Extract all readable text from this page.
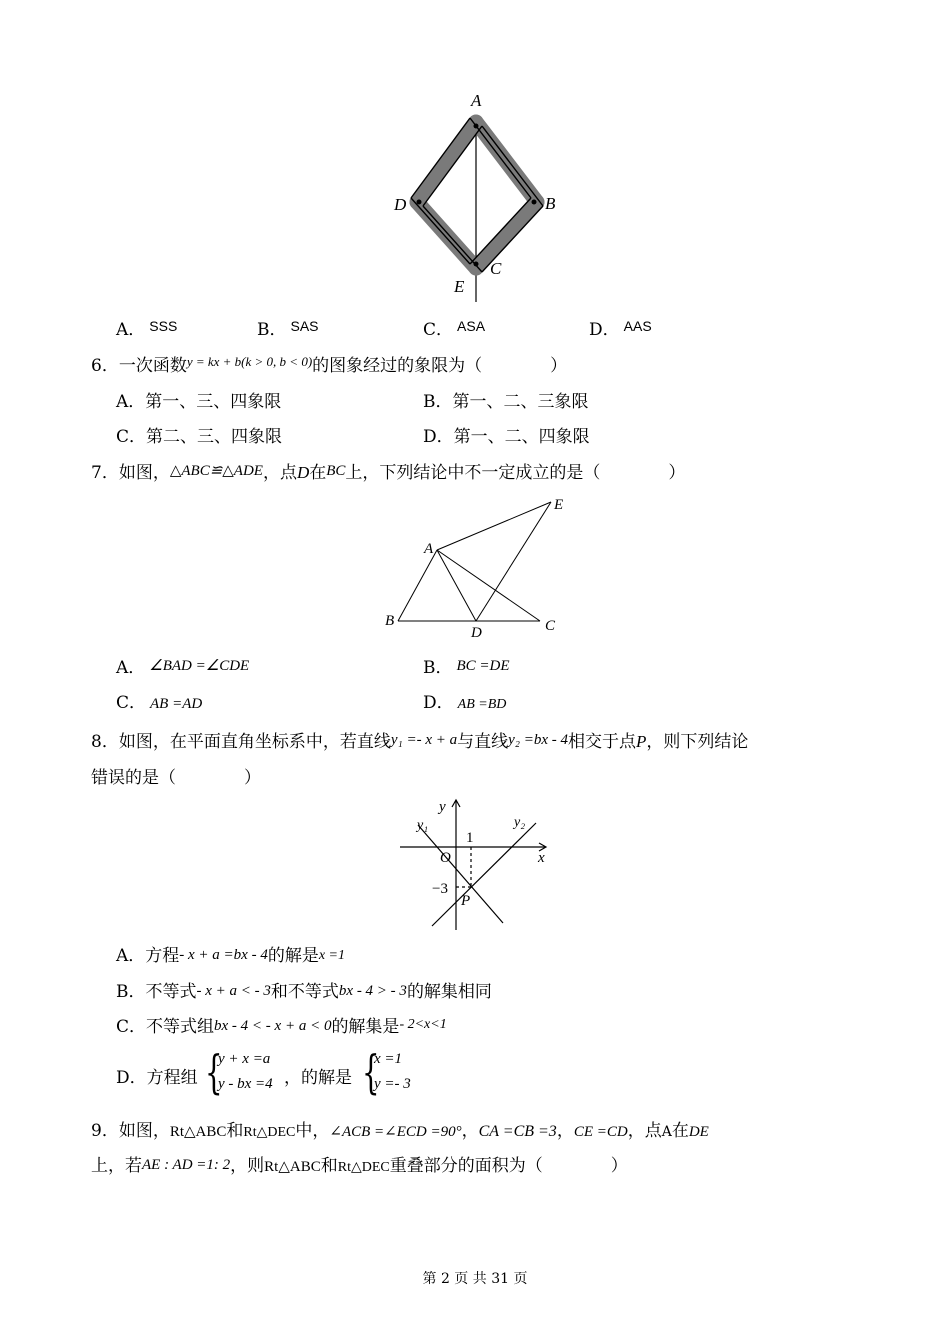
A
B
C
D
E
A． $^{SSS}$	B． $^{SAS}$	C． $^{ASA}$	D． $^{AAS}$
6．一次函数$^{y = kx + b(k > 0, b < 0)}$的图象经过的象限为（　　　　）
A．第一、三、四象限	B．第一、二、三象限
C．第二、三、四象限	D．第一、二、四象限
7．如图，△ABC≌△ADE，点D在BC上，下列结论中不一定成立的是（　　　　）
A
B	C
D
E
A． ∠BAD =∠CDE	B． BC =DE
C． AB =AD	D． AB =BD
8．如图，在平面直角坐标系中，若直线y₁ =- x + a与直线y₂ =bx - 4相交于点P，则下列结论
错误的是（　　　　）
y
x
O
1
−3
P
y₁	y₂
A．方程- x + a =bx - 4的解是x =1
B．不等式- x + a < - 3和不等式bx - 4 > - 3的解集相同
C．不等式组bx - 4 < - x + a < 0的解集是$^{- 2<x<1}$
D．方程组 {
y + x =a
y - bx =4 ，的解是 {
x =1
y =- 3
9．如图，Rt△ABC和Rt△DEC中，∠ACB =∠ECD =90°，CA =CB =3，CE =CD，点A在DE
上，若AE : AD =1: 2，则Rt△ABC和Rt△DEC重叠部分的面积为（　　　　）
第 2 页 共 31 页
